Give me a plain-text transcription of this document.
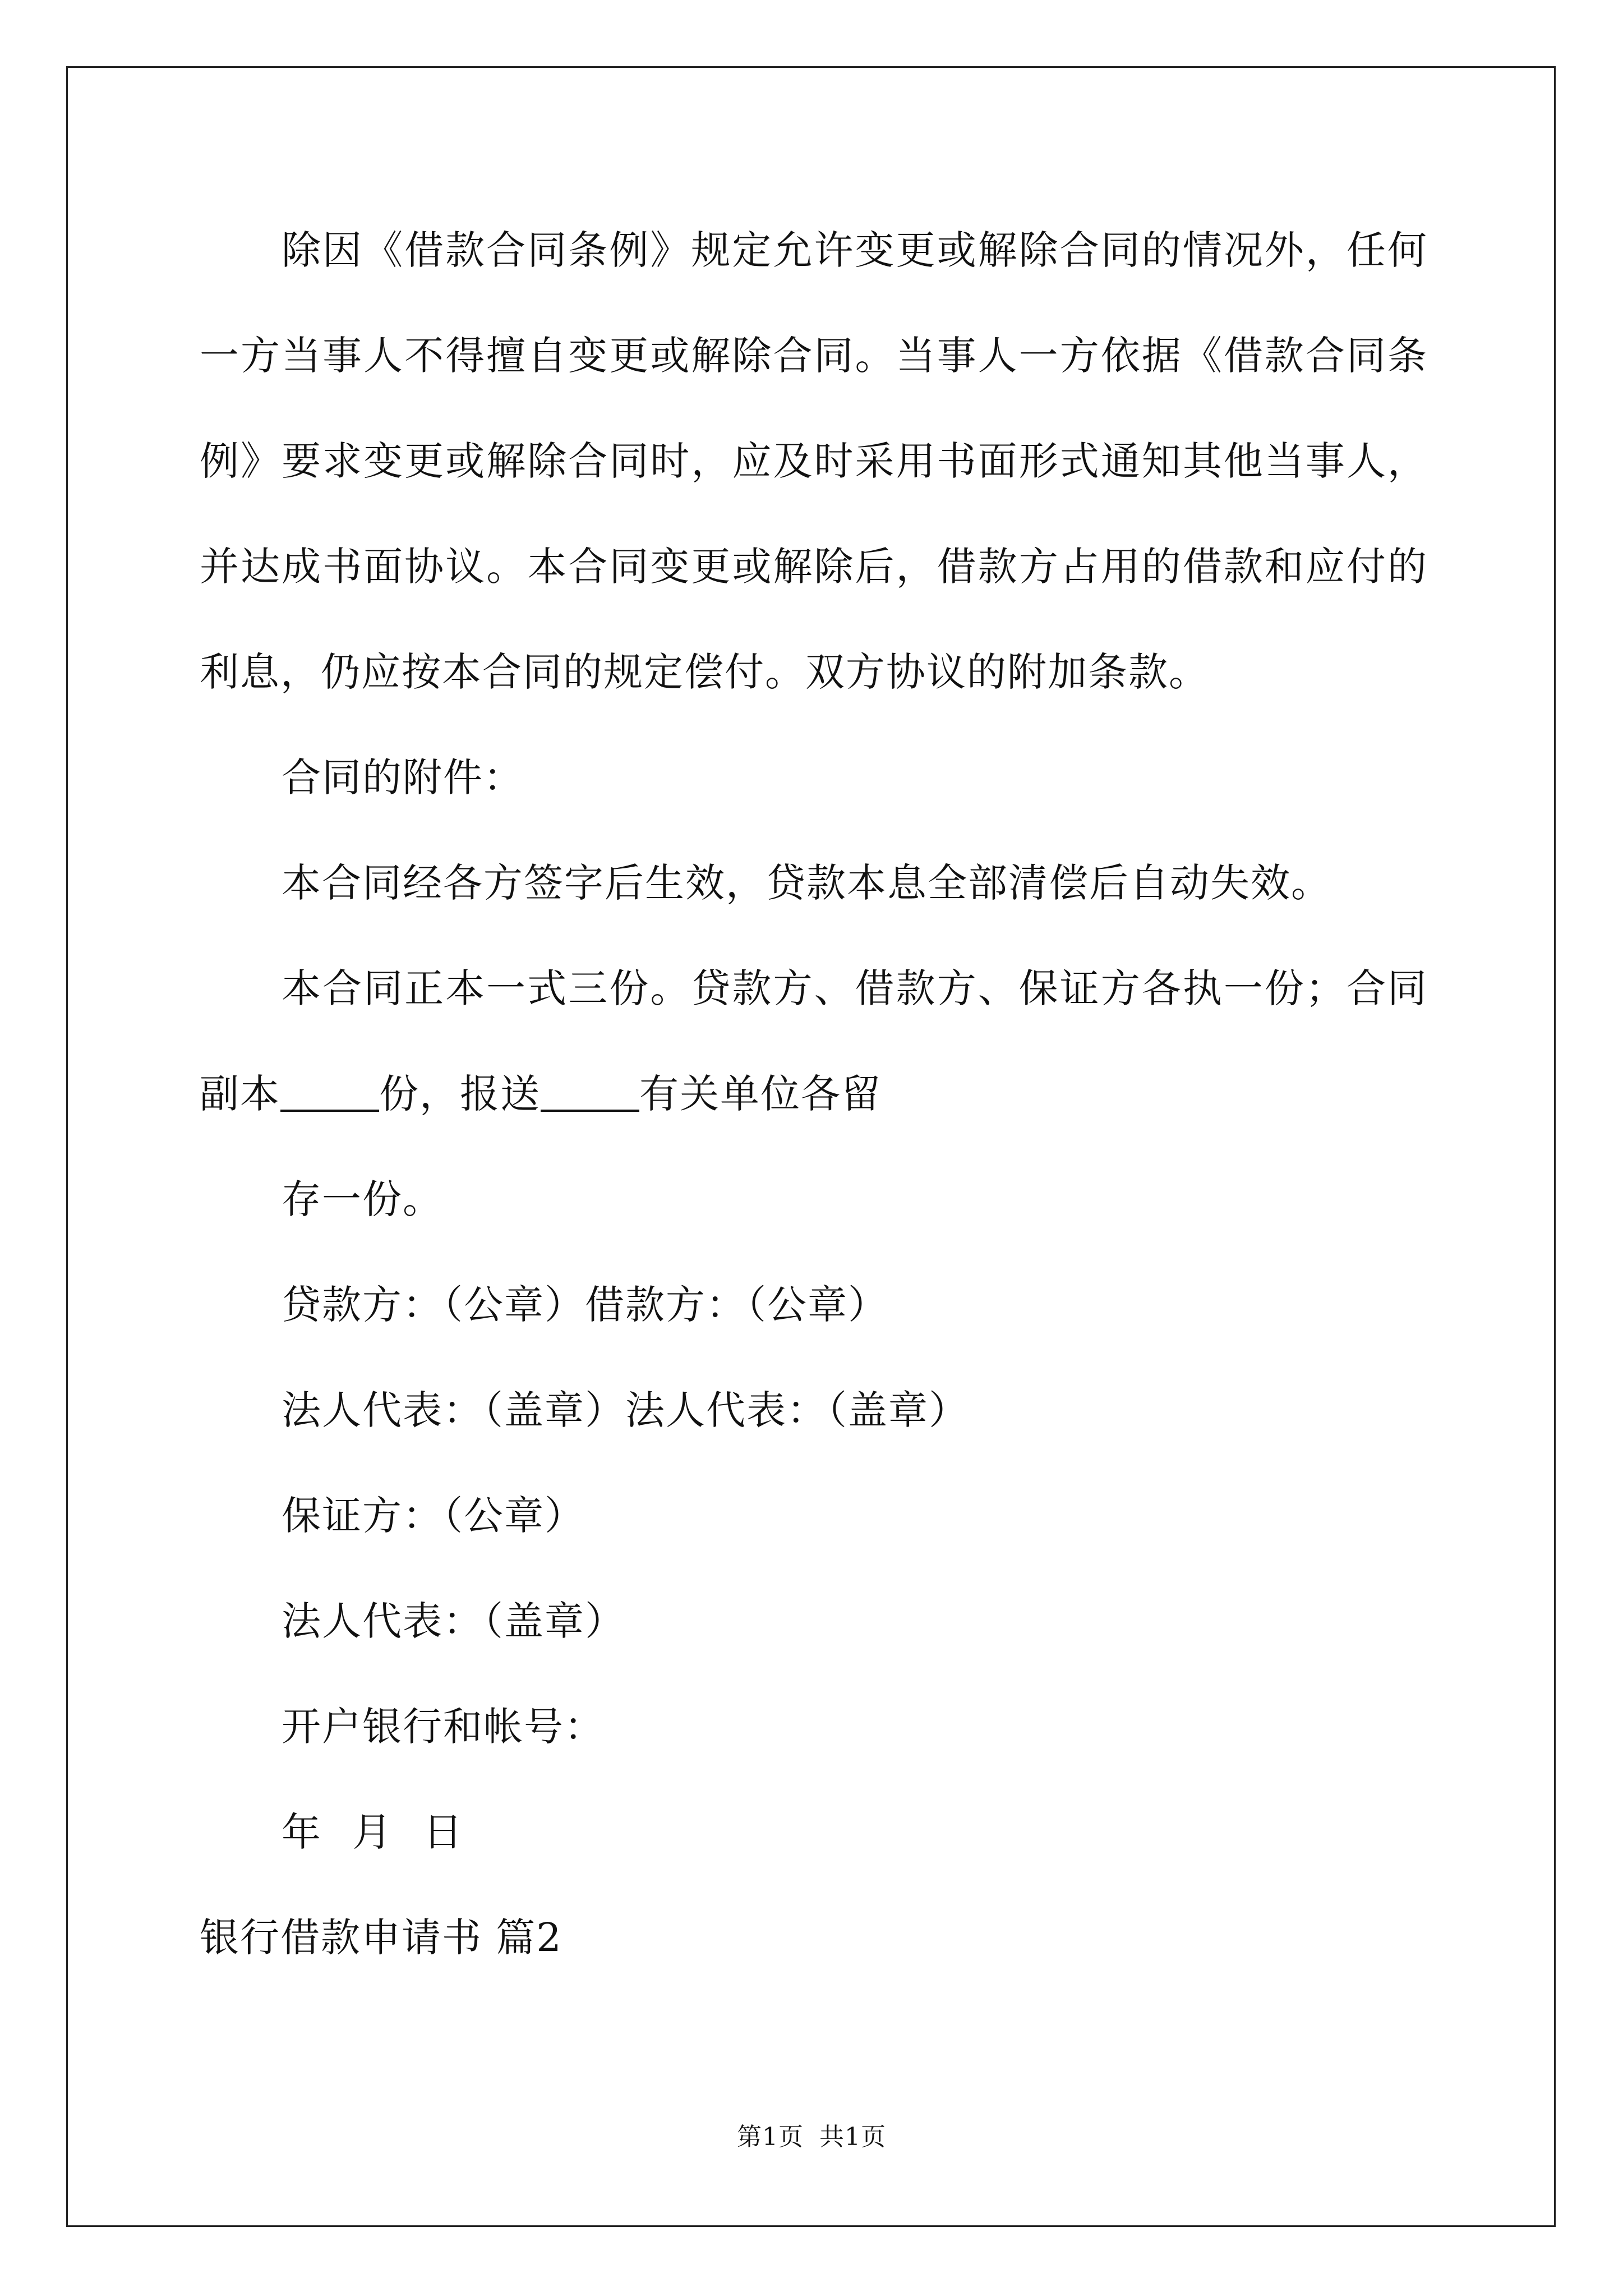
除因《借款合同条例》规定允许变更或解除合同的情况外，任何
一方当事人不得擅自变更或解除合同。当事人一方依据《借款合同条
例》要求变更或解除合同时，应及时采用书面形式通知其他当事人，
并达成书面协议。本合同变更或解除后，借款方占用的借款和应付的
利息，仍应按本合同的规定偿付。双方协议的附加条款。
合同的附件：
本合同经各方签字后生效，贷款本息全部清偿后自动失效。
本合同正本一式三份。贷款方、借款方、保证方各执一份；合同
副本	份，报送	有关单位各留
存一份。
贷款方：（公章）借款方：（公章）
法人代表：（盖章）法人代表：（盖章）
保证方：（公章）
法人代表：（盖章）
开户银行和帐号：
年 月 日
银行借款申请书 篇2
第1页 共1页
